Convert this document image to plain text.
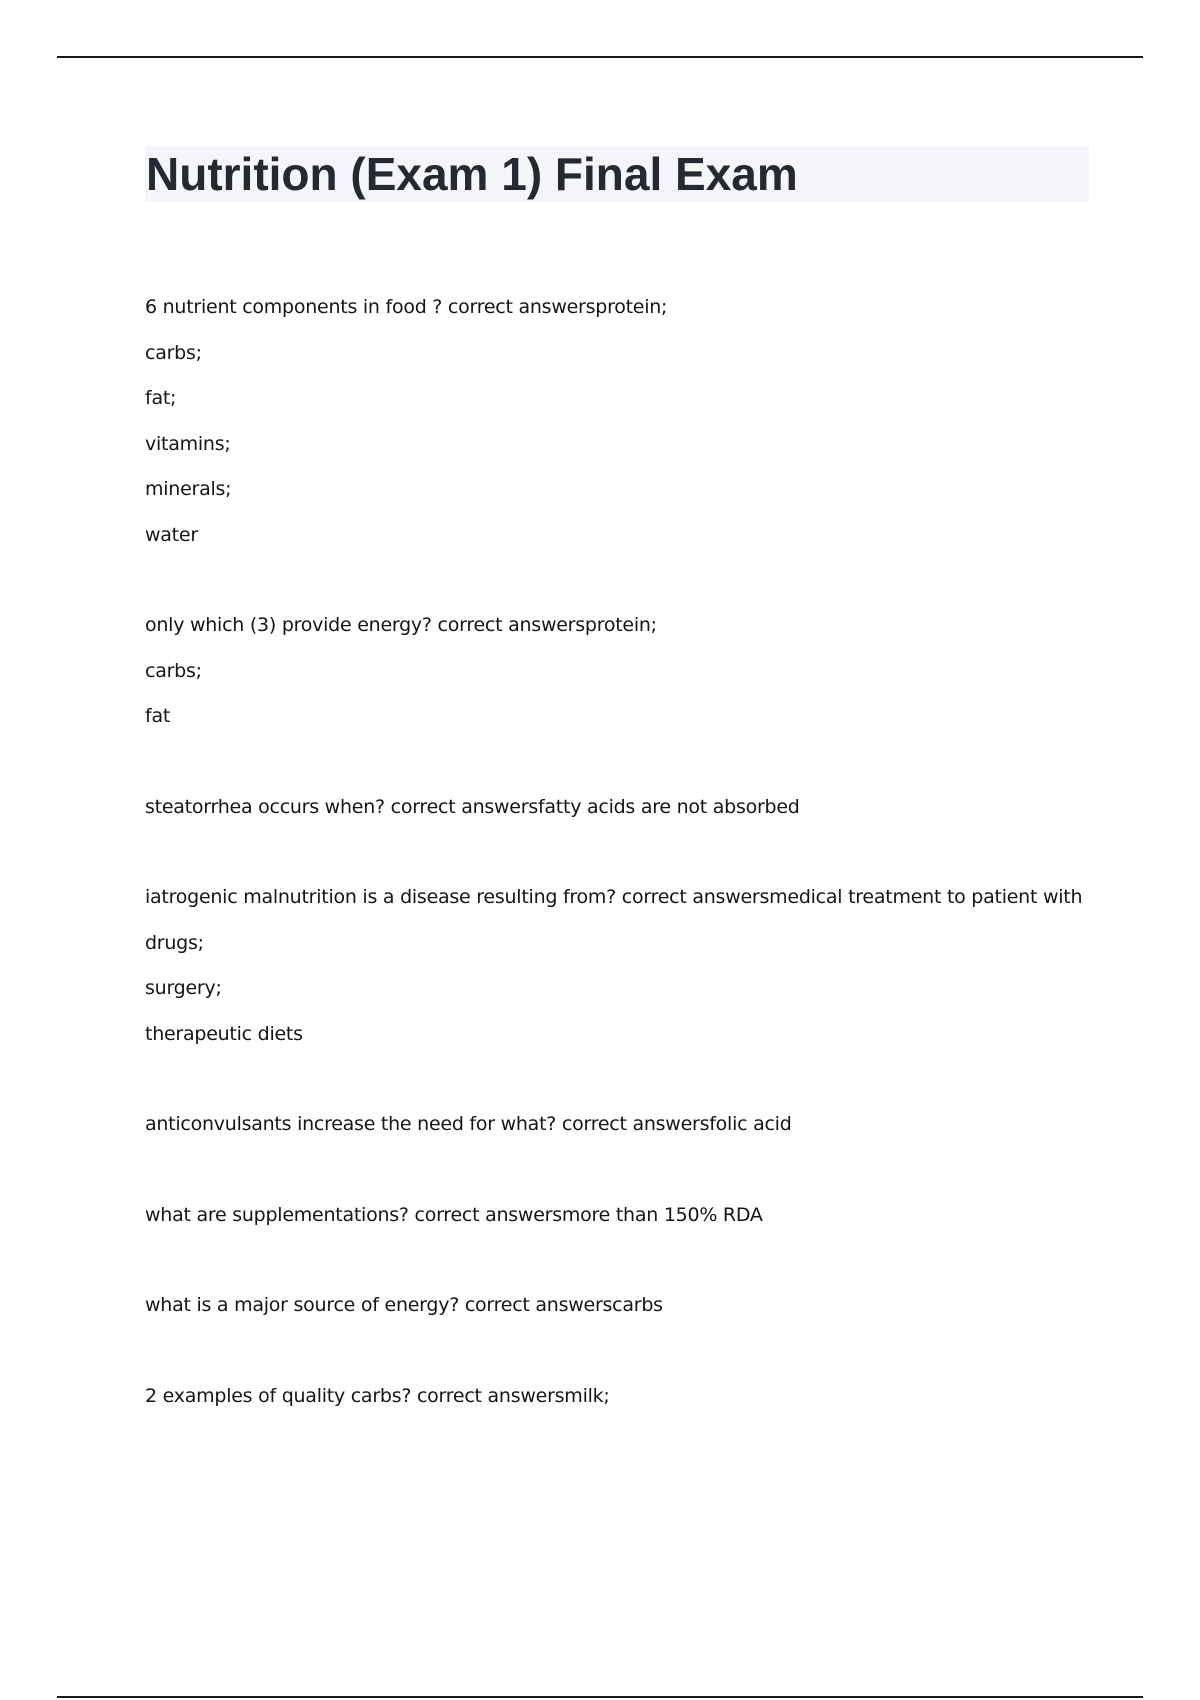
Nutrition (Exam 1) Final Exam
6 nutrient components in food ? correct answersprotein;
carbs;
fat;
vitamins;
minerals;
water
only which (3) provide energy? correct answersprotein;
carbs;
fat
steatorrhea occurs when? correct answersfatty acids are not absorbed
iatrogenic malnutrition is a disease resulting from? correct answersmedical treatment to patient with
drugs;
surgery;
therapeutic diets
anticonvulsants increase the need for what? correct answersfolic acid
what are supplementations? correct answersmore than 150% RDA
what is a major source of energy? correct answerscarbs
2 examples of quality carbs? correct answersmilk;
